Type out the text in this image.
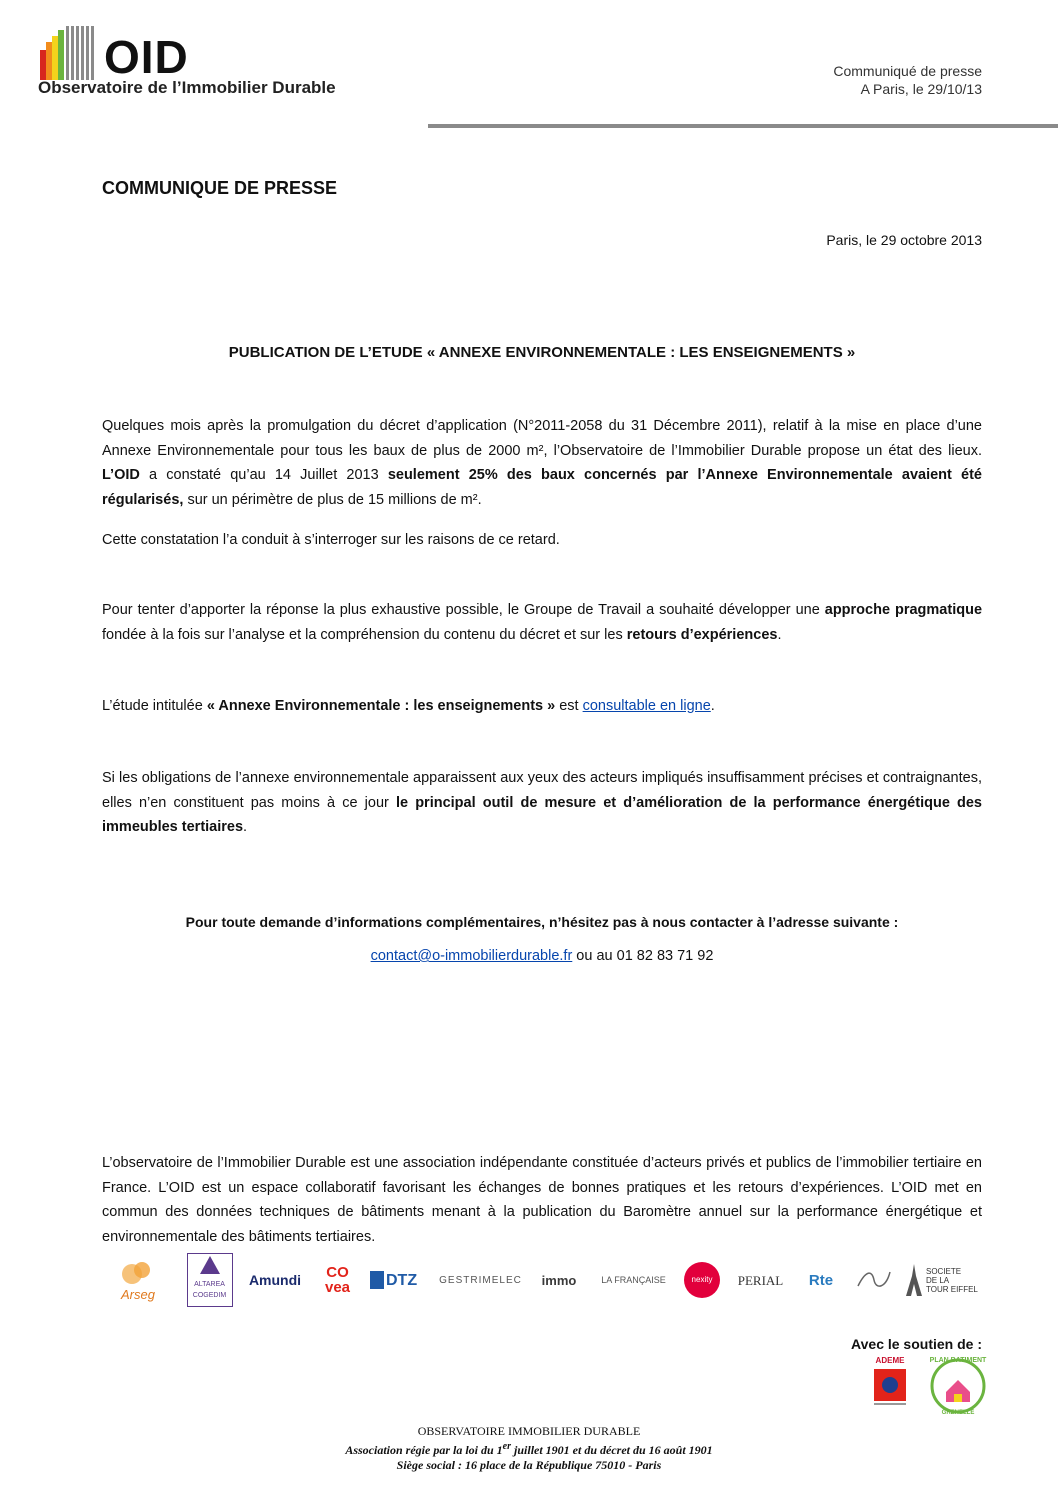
OID
Observatoire de l’Immobilier Durable
Communiqué de presse
A Paris, le 29/10/13
COMMUNIQUE DE PRESSE
Paris, le 29 octobre 2013
PUBLICATION DE L’ETUDE « ANNEXE ENVIRONNEMENTALE : LES ENSEIGNEMENTS »
Quelques mois après la promulgation du décret d’application (N°2011-2058 du 31 Décembre 2011), relatif à la mise en place d’une Annexe Environnementale pour tous les baux de plus de 2000 m², l’Observatoire de l’Immobilier Durable propose un état des lieux. L’OID a constaté qu’au 14 Juillet 2013 seulement 25% des baux concernés par l’Annexe Environnementale avaient été régularisés, sur un périmètre de plus de 15 millions de m².
Cette constatation l’a conduit à s’interroger sur les raisons de ce retard.
Pour tenter d’apporter la réponse la plus exhaustive possible, le Groupe de Travail a souhaité développer une approche pragmatique fondée à la fois sur l’analyse et la compréhension du contenu du décret et sur les retours d’expériences.
L’étude intitulée « Annexe Environnementale : les enseignements » est consultable en ligne.
Si les obligations de l’annexe environnementale apparaissent aux yeux des acteurs impliqués insuffisamment précises et contraignantes, elles n’en constituent pas moins à ce jour le principal outil de mesure et d’amélioration de la performance énergétique des immeubles tertiaires.
Pour toute demande d’informations complémentaires, n’hésitez pas à nous contacter à l’adresse suivante :
contact@o-immobilierdurable.fr ou au 01 82 83 71 92
L’observatoire de l’Immobilier Durable est une association indépendante constituée d’acteurs privés et publics de l’immobilier tertiaire en France. L’OID est un espace collaboratif favorisant les échanges de bonnes pratiques et les retours d’expériences. L’OID met en commun des données techniques de bâtiments menant à la publication du Baromètre annuel sur la performance énergétique et environnementale des bâtiments tertiaires.
Arseg
ALTAREA
COGEDIM
Amundi	CO
vea	DTZ GESTRIMELEC	immo	LA FRANÇAISE	nexity	PERIAL	Rte
SOCIETE
DE LA
TOUR EIFFEL
Avec le soutien de :
ADEME	PLAN BATIMENT
GRENELLE
OBSERVATOIRE IMMOBILIER DURABLE
Association régie par la loi du 1er juillet 1901 et du décret du 16 août 1901
Siège social : 16 place de la République 75010 - Paris
